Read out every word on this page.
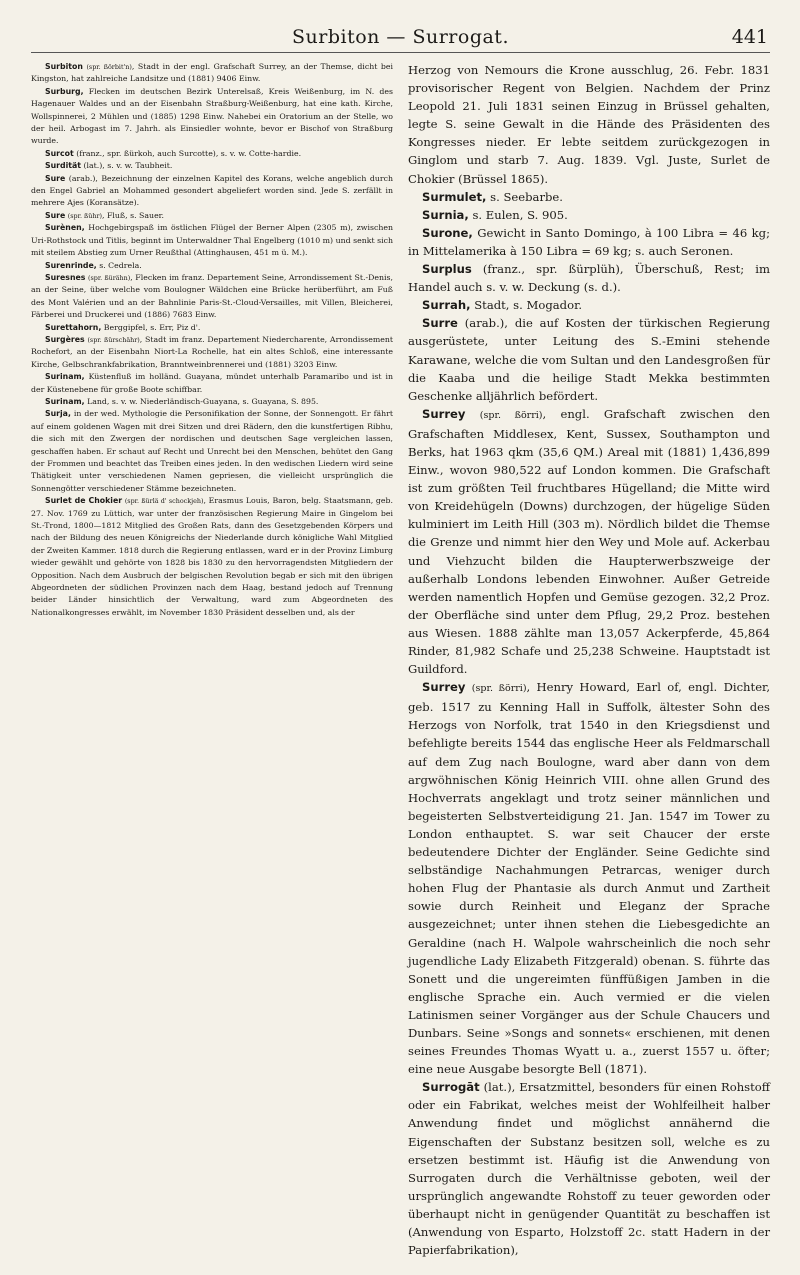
Surbiton — Surrogat.	441

Surbiton (spr. ßörbit'n), Stadt in der engl. Grafschaft Surrey, an der Themse, dicht bei Kingston, hat zahlreiche Landsitze und (1881) 9406 Einw.

Surburg, Flecken im deutschen Bezirk Unterelsaß, Kreis Weißenburg, im N. des Hagenauer Waldes und an der Eisenbahn Straßburg-Weißenburg, hat eine kath. Kirche, Wollspinnerei, 2 Mühlen und (1885) 1298 Einw. Nahebei ein Oratorium an der Stelle, wo der heil. Arbogast im 7. Jahrh. als Einsiedler wohnte, bevor er Bischof von Straßburg wurde.

Surcot (franz., spr. ßürkoh, auch Surcotte), s. v. w. Cotte-hardie.

Surdität (lat.), s. v. w. Taubheit.

Sure (arab.), Bezeichnung der einzelnen Kapitel des Korans, welche angeblich durch den Engel Gabriel an Mohammed gesondert abgeliefert worden sind. Jede S. zerfällt in mehrere Ajes (Koransätze).

Sure (spr. ßühr), Fluß, s. Sauer.

Surènen, Hochgebirgspaß im östlichen Flügel der Berner Alpen (2305 m), zwischen Uri-Rothstock und Titlis, beginnt im Unterwaldner Thal Engelberg (1010 m) und senkt sich mit steilem Abstieg zum Urner Reußthal (Attinghausen, 451 m ü. M.).

Surenrinde, s. Cedrela.

Suresnes (spr. ßürähn), Flecken im franz. Departement Seine, Arrondissement St.-Denis, an der Seine, über welche vom Boulogner Wäldchen eine Brücke herüberführt, am Fuß des Mont Valérien und an der Bahnlinie Paris-St.-Cloud-Versailles, mit Villen, Bleicherei, Färberei und Druckerei und (1886) 7683 Einw.

Surettahorn, Berggipfel, s. Err, Piz d'.

Surgères (spr. ßürschähr), Stadt im franz. Departement Niedercharente, Arrondissement Rochefort, an der Eisenbahn Niort-La Rochelle, hat ein altes Schloß, eine interessante Kirche, Gelbschrankfabrikation, Branntweinbrennerei und (1881) 3203 Einw.

Surinam, Küstenfluß im holländ. Guayana, mündet unterhalb Paramaribo und ist in der Küstenebene für große Boote schiffbar.

Surinam, Land, s. v. w. Niederländisch-Guayana, s. Guayana, S. 895.

Surja, in der wed. Mythologie die Personifikation der Sonne, der Sonnengott. Er fährt auf einem goldenen Wagen mit drei Sitzen und drei Rädern, den die kunstfertigen Ribhu, die sich mit den Zwergen der nordischen und deutschen Sage vergleichen lassen, geschaffen haben. Er schaut auf Recht und Unrecht bei den Menschen, behütet den Gang der Frommen und beachtet das Treiben eines jeden. In den wedischen Liedern wird seine Thätigkeit unter verschiedenen Namen gepriesen, die vielleicht ursprünglich die Sonnengötter verschiedener Stämme bezeichneten.

Surlet de Chokier (spr. ßürlä d' schockjeh), Erasmus Louis, Baron, belg. Staatsmann, geb. 27. Nov. 1769 zu Lüttich, war unter der französischen Regierung Maire in Gingelom bei St.-Trond, 1800—1812 Mitglied des Großen Rats, dann des Gesetzgebenden Körpers und nach der Bildung des neuen Königreichs der Niederlande durch königliche Wahl Mitglied der Zweiten Kammer. 1818 durch die Regierung entlassen, ward er in der Provinz Limburg wieder gewählt und gehörte von 1828 bis 1830 zu den hervorragendsten Mitgliedern der Opposition. Nach dem Ausbruch der belgischen Revolution begab er sich mit den übrigen Abgeordneten der südlichen Provinzen nach dem Haag, bestand jedoch auf Trennung beider Länder hinsichtlich der Verwaltung, ward zum Abgeordneten des Nationalkongresses erwählt, im November 1830 Präsident desselben und, als der

Herzog von Nemours die Krone ausschlug, 26. Febr. 1831 provisorischer Regent von Belgien. Nachdem der Prinz Leopold 21. Juli 1831 seinen Einzug in Brüssel gehalten, legte S. seine Gewalt in die Hände des Präsidenten des Kongresses nieder. Er lebte seitdem zurückgezogen in Ginglom und starb 7. Aug. 1839. Vgl. Juste, Surlet de Chokier (Brüssel 1865).

Surmulet, s. Seebarbe.

Surnia, s. Eulen, S. 905.

Surone, Gewicht in Santo Domingo, à 100 Libra = 46 kg; in Mittelamerika à 150 Libra = 69 kg; s. auch Seronen.

Surplus (franz., spr. ßürplüh), Überschuß, Rest; im Handel auch s. v. w. Deckung (s. d.).

Surrah, Stadt, s. Mogador.

Surre (arab.), die auf Kosten der türkischen Regierung ausgerüstete, unter Leitung des S.-Emini stehende Karawane, welche die vom Sultan und den Landesgroßen für die Kaaba und die heilige Stadt Mekka bestimmten Geschenke alljährlich befördert.

Surrey (spr. ßörri), engl. Grafschaft zwischen den Grafschaften Middlesex, Kent, Sussex, Southampton und Berks, hat 1963 qkm (35,6 QM.) Areal mit (1881) 1,436,899 Einw., wovon 980,522 auf London kommen. Die Grafschaft ist zum größten Teil fruchtbares Hügelland; die Mitte wird von Kreidehügeln (Downs) durchzogen, der hügelige Süden kulminiert im Leith Hill (303 m). Nördlich bildet die Themse die Grenze und nimmt hier den Wey und Mole auf. Ackerbau und Viehzucht bilden die Haupterwerbszweige der außerhalb Londons lebenden Einwohner. Außer Getreide werden namentlich Hopfen und Gemüse gezogen. 32,2 Proz. der Oberfläche sind unter dem Pflug, 29,2 Proz. bestehen aus Wiesen. 1888 zählte man 13,057 Ackerpferde, 45,864 Rinder, 81,982 Schafe und 25,238 Schweine. Hauptstadt ist Guildford.

Surrey (spr. ßörri), Henry Howard, Earl of, engl. Dichter, geb. 1517 zu Kenning Hall in Suffolk, ältester Sohn des Herzogs von Norfolk, trat 1540 in den Kriegsdienst und befehligte bereits 1544 das englische Heer als Feldmarschall auf dem Zug nach Boulogne, ward aber dann von dem argwöhnischen König Heinrich VIII. ohne allen Grund des Hochverrats angeklagt und trotz seiner männlichen und begeisterten Selbstverteidigung 21. Jan. 1547 im Tower zu London enthauptet. S. war seit Chaucer der erste bedeutendere Dichter der Engländer. Seine Gedichte sind selbständige Nachahmungen Petrarcas, weniger durch hohen Flug der Phantasie als durch Anmut und Zartheit sowie durch Reinheit und Eleganz der Sprache ausgezeichnet; unter ihnen stehen die Liebesgedichte an Geraldine (nach H. Walpole wahrscheinlich die noch sehr jugendliche Lady Elizabeth Fitzgerald) obenan. S. führte das Sonett und die ungereimten fünffüßigen Jamben in die englische Sprache ein. Auch vermied er die vielen Latinismen seiner Vorgänger aus der Schule Chaucers und Dunbars. Seine »Songs and sonnets« erschienen, mit denen seines Freundes Thomas Wyatt u. a., zuerst 1557 u. öfter; eine neue Ausgabe besorgte Bell (1871).

Surrogāt (lat.), Ersatzmittel, besonders für einen Rohstoff oder ein Fabrikat, welches meist der Wohlfeilheit halber Anwendung findet und möglichst annähernd die Eigenschaften der Substanz besitzen soll, welche es zu ersetzen bestimmt ist. Häufig ist die Anwendung von Surrogaten durch die Verhältnisse geboten, weil der ursprünglich angewandte Rohstoff zu teuer geworden oder überhaupt nicht in genügender Quantität zu beschaffen ist (Anwendung von Esparto, Holzstoff 2c. statt Hadern in der Papierfabrikation),
